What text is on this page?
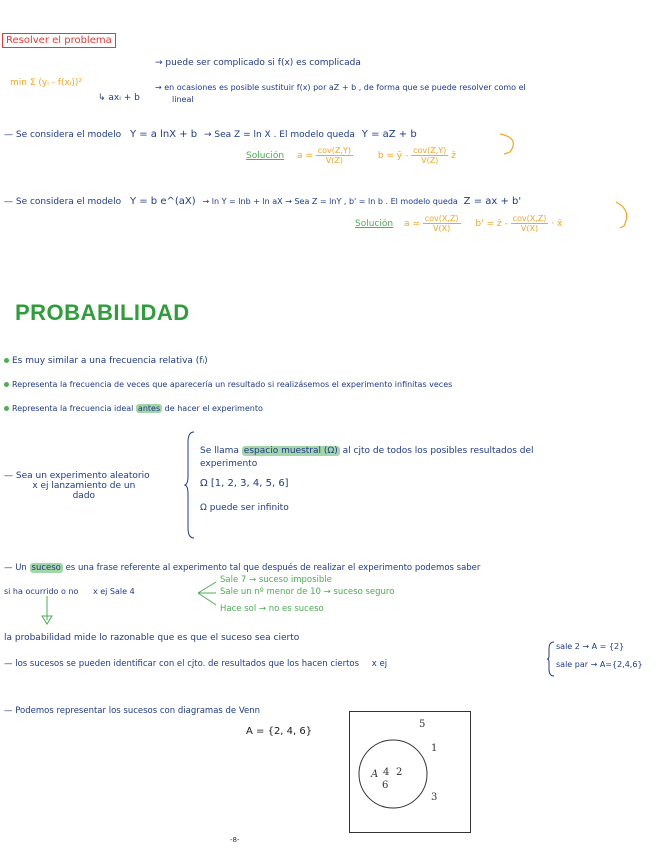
Resolver el problema
min Σ (yᵢ - f(xᵢ))²
↳ axᵢ + b
→ puede ser complicado si f(x) es complicada
→ en ocasiones es posible sustituir f(x) por aZ + b , de forma que se puede resolver como el
lineal
— Se considera el modelo Y = a lnX + b → Sea Z = ln X . El modelo queda Y = aZ + b
Solución $a = \frac{\text{cov(Z,Y)}}{V(Z)}$	b = ȳ - $\frac{\text{cov(Z,Y)}}{V(Z)}$ z̄
— Se considera el modelo Y = b e^(aX) → ln Y = lnb + ln aX → Sea Z = lnY , b' = ln b . El modelo queda Z = ax + b'
Solución $a = \frac{\text{cov(X,Z)}}{V(X)} b'$ = z̄ - $\frac{\text{cov(X,Z)}}{V(X)}$ · x̄
PROBABILIDAD
Es muy similar a una frecuencia relativa (fᵢ)
Representa la frecuencia de veces que aparecería un resultado si realizásemos el experimento infinitas veces
Representa la frecuencia ideal antes de hacer el experimento
— Sea un experimento aleatorio
x ej lanzamiento de un
dado
Se llama espacio muestral (Ω) al cjto de todos los posibles resultados del
experimento
Ω [1, 2, 3, 4, 5, 6]
Ω puede ser infinito
— Un suceso es una frase referente al experimento tal que después de realizar el experimento podemos saber
si ha ocurrido o no x ej Sale 4
Sale 7 → suceso imposible
Sale un nº menor de 10 → suceso seguro
Hace sol → no es suceso
la probabilidad mide lo razonable que es que el suceso sea cierto
— los sucesos se pueden identificar con el cjto. de resultados que los hacen ciertos x ej
sale 2 → A = {2}
sale par → A={2,4,6}
— Podemos representar los sucesos con diagramas de Venn
A = {2, 4, 6}
A 4 2
6
5
1
3
-8-
